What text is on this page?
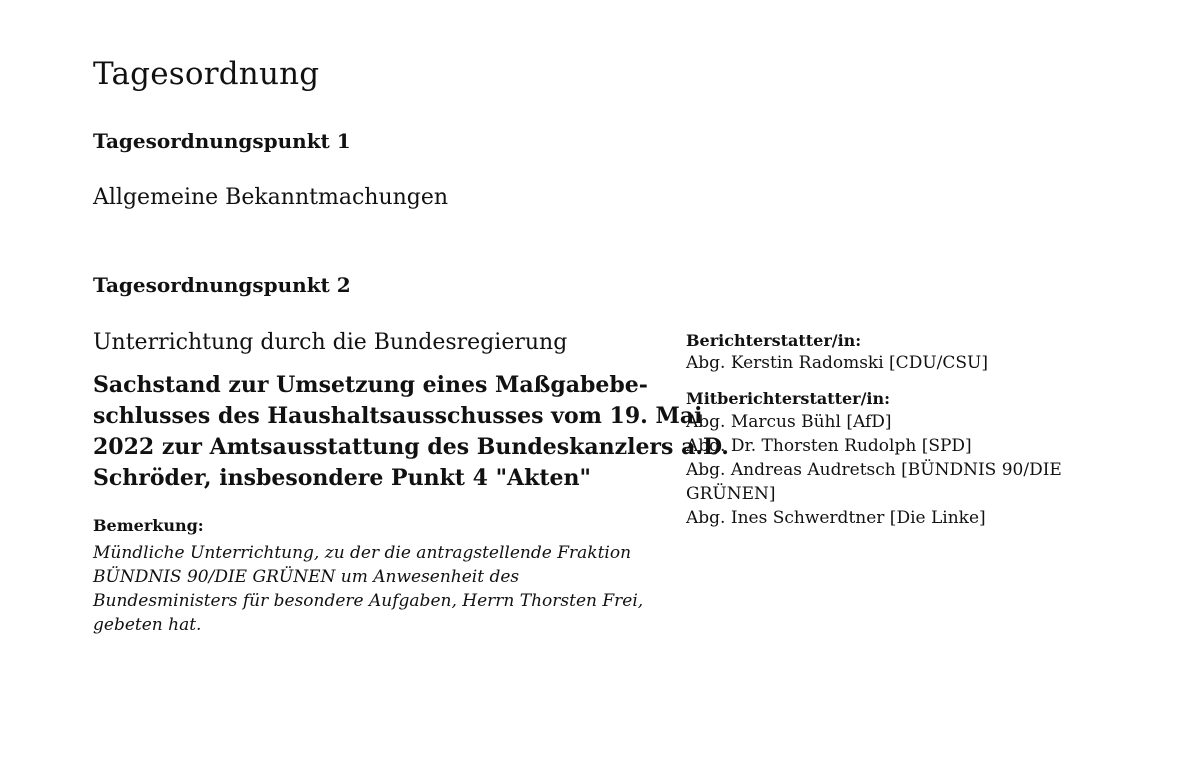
Tagesordnung
Tagesordnungspunkt 1
Allgemeine Bekanntmachungen
Tagesordnungspunkt 2
Unterrichtung durch die Bundesregierung
Sachstand zur Umsetzung eines Maßgabebe-
schlusses des Haushaltsausschusses vom 19. Mai
2022 zur Amtsausstattung des Bundeskanzlers a.D.
Schröder, insbesondere Punkt 4 "Akten"
Bemerkung:
Mündliche Unterrichtung, zu der die antragstellende Fraktion
BÜNDNIS 90/DIE GRÜNEN um Anwesenheit des
Bundesministers für besondere Aufgaben, Herrn Thorsten Frei,
gebeten hat.
Berichterstatter/in:
Abg. Kerstin Radomski [CDU/CSU]
Mitberichterstatter/in:
Abg. Marcus Bühl [AfD]
Abg. Dr. Thorsten Rudolph [SPD]
Abg. Andreas Audretsch [BÜNDNIS 90/DIE
GRÜNEN]
Abg. Ines Schwerdtner [Die Linke]
